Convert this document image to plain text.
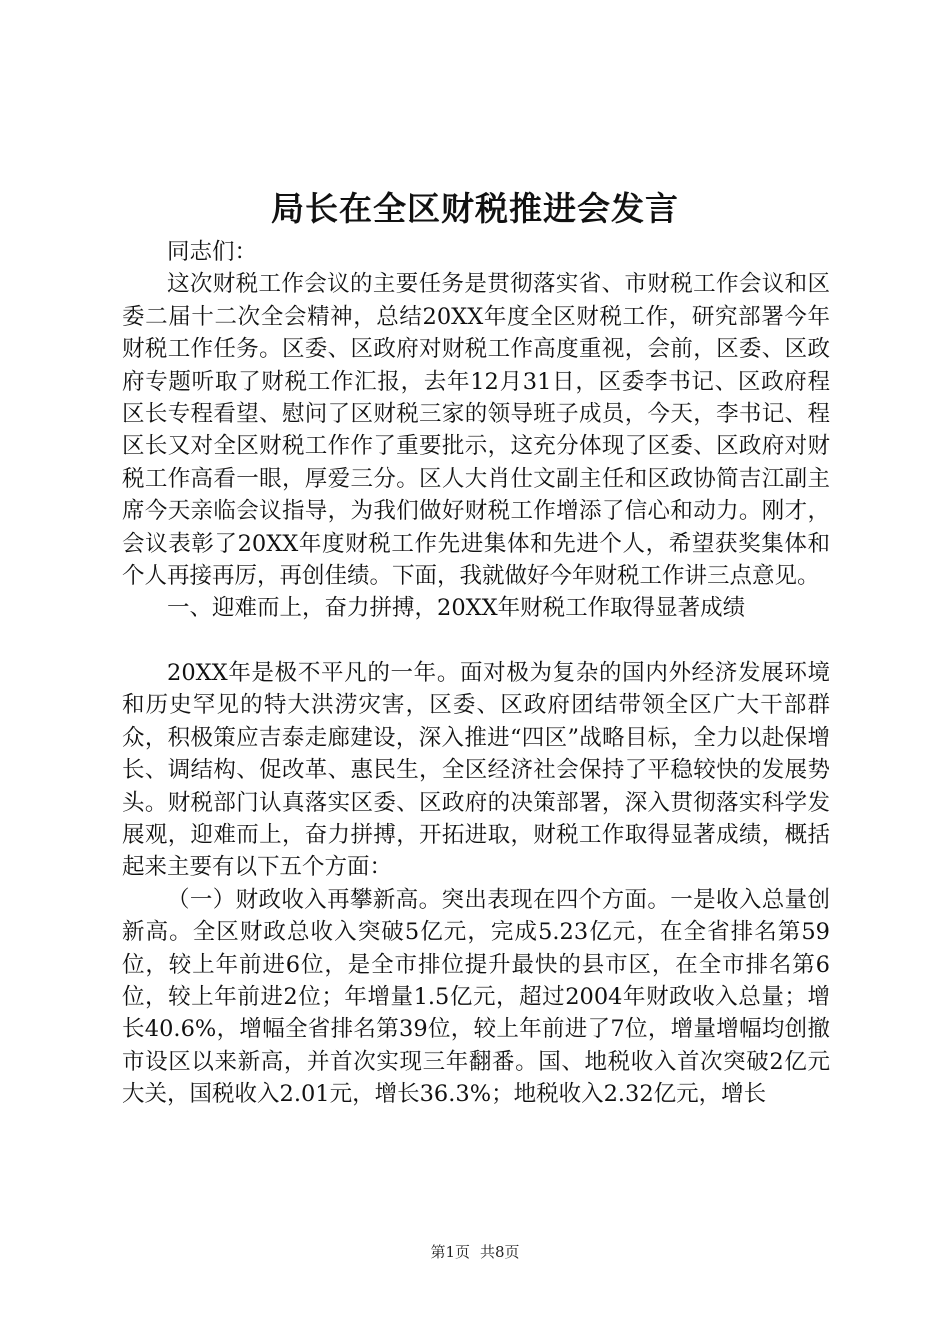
局长在全区财税推进会发言

同志们：

这次财税工作会议的主要任务是贯彻落实省、市财税工作会议和区委二届十二次全会精神，总结20XX年度全区财税工作，研究部署今年财税工作任务。区委、区政府对财税工作高度重视，会前，区委、区政府专题听取了财税工作汇报，去年12月31日，区委李书记、区政府程区长专程看望、慰问了区财税三家的领导班子成员，今天，李书记、程区长又对全区财税工作作了重要批示，这充分体现了区委、区政府对财税工作高看一眼，厚爱三分。区人大肖仕文副主任和区政协简吉江副主席今天亲临会议指导，为我们做好财税工作增添了信心和动力。刚才，会议表彰了20XX年度财税工作先进集体和先进个人，希望获奖集体和个人再接再厉，再创佳绩。下面，我就做好今年财税工作讲三点意见。

一、迎难而上，奋力拼搏，20XX年财税工作取得显著成绩

20XX年是极不平凡的一年。面对极为复杂的国内外经济发展环境和历史罕见的特大洪涝灾害，区委、区政府团结带领全区广大干部群众，积极策应吉泰走廊建设，深入推进“四区”战略目标，全力以赴保增长、调结构、促改革、惠民生，全区经济社会保持了平稳较快的发展势头。财税部门认真落实区委、区政府的决策部署，深入贯彻落实科学发展观，迎难而上，奋力拼搏，开拓进取，财税工作取得显著成绩，概括起来主要有以下五个方面：

（一）财政收入再攀新高。突出表现在四个方面。一是收入总量创新高。全区财政总收入突破5亿元，完成5.23亿元，在全省排名第59位，较上年前进6位，是全市排位提升最快的县市区，在全市排名第6位，较上年前进2位；年增量1.5亿元，超过2004年财政收入总量；增长40.6%，增幅全省排名第39位，较上年前进了7位，增量增幅均创撤市设区以来新高，并首次实现三年翻番。国、地税收入首次突破2亿元大关，国税收入2.01元，增长36.3%；地税收入2.32亿元，增长

第1页 共8页
